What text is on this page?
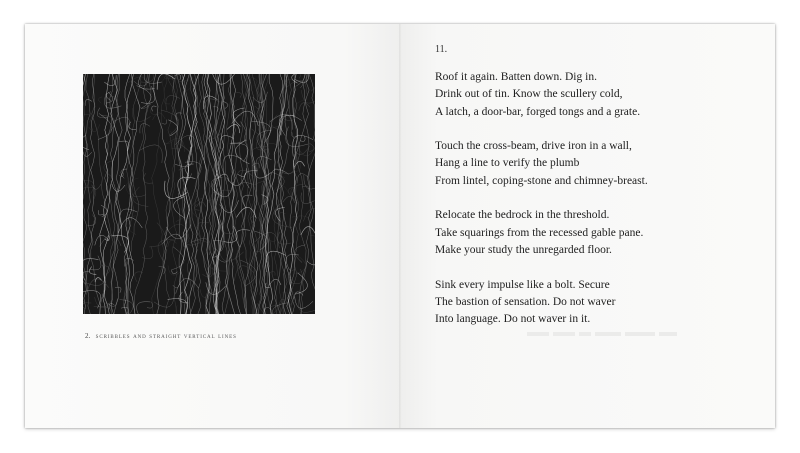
2. scribbles and straight vertical lines
11.
Roof it again. Batten down. Dig in.
Drink out of tin. Know the scullery cold,
A latch, a door-bar, forged tongs and a grate.
Touch the cross-beam, drive iron in a wall,
Hang a line to verify the plumb
From lintel, coping-stone and chimney-breast.
Relocate the bedrock in the threshold.
Take squarings from the recessed gable pane.
Make your study the unregarded floor.
Sink every impulse like a bolt. Secure
The bastion of sensation. Do not waver
Into language. Do not waver in it.
